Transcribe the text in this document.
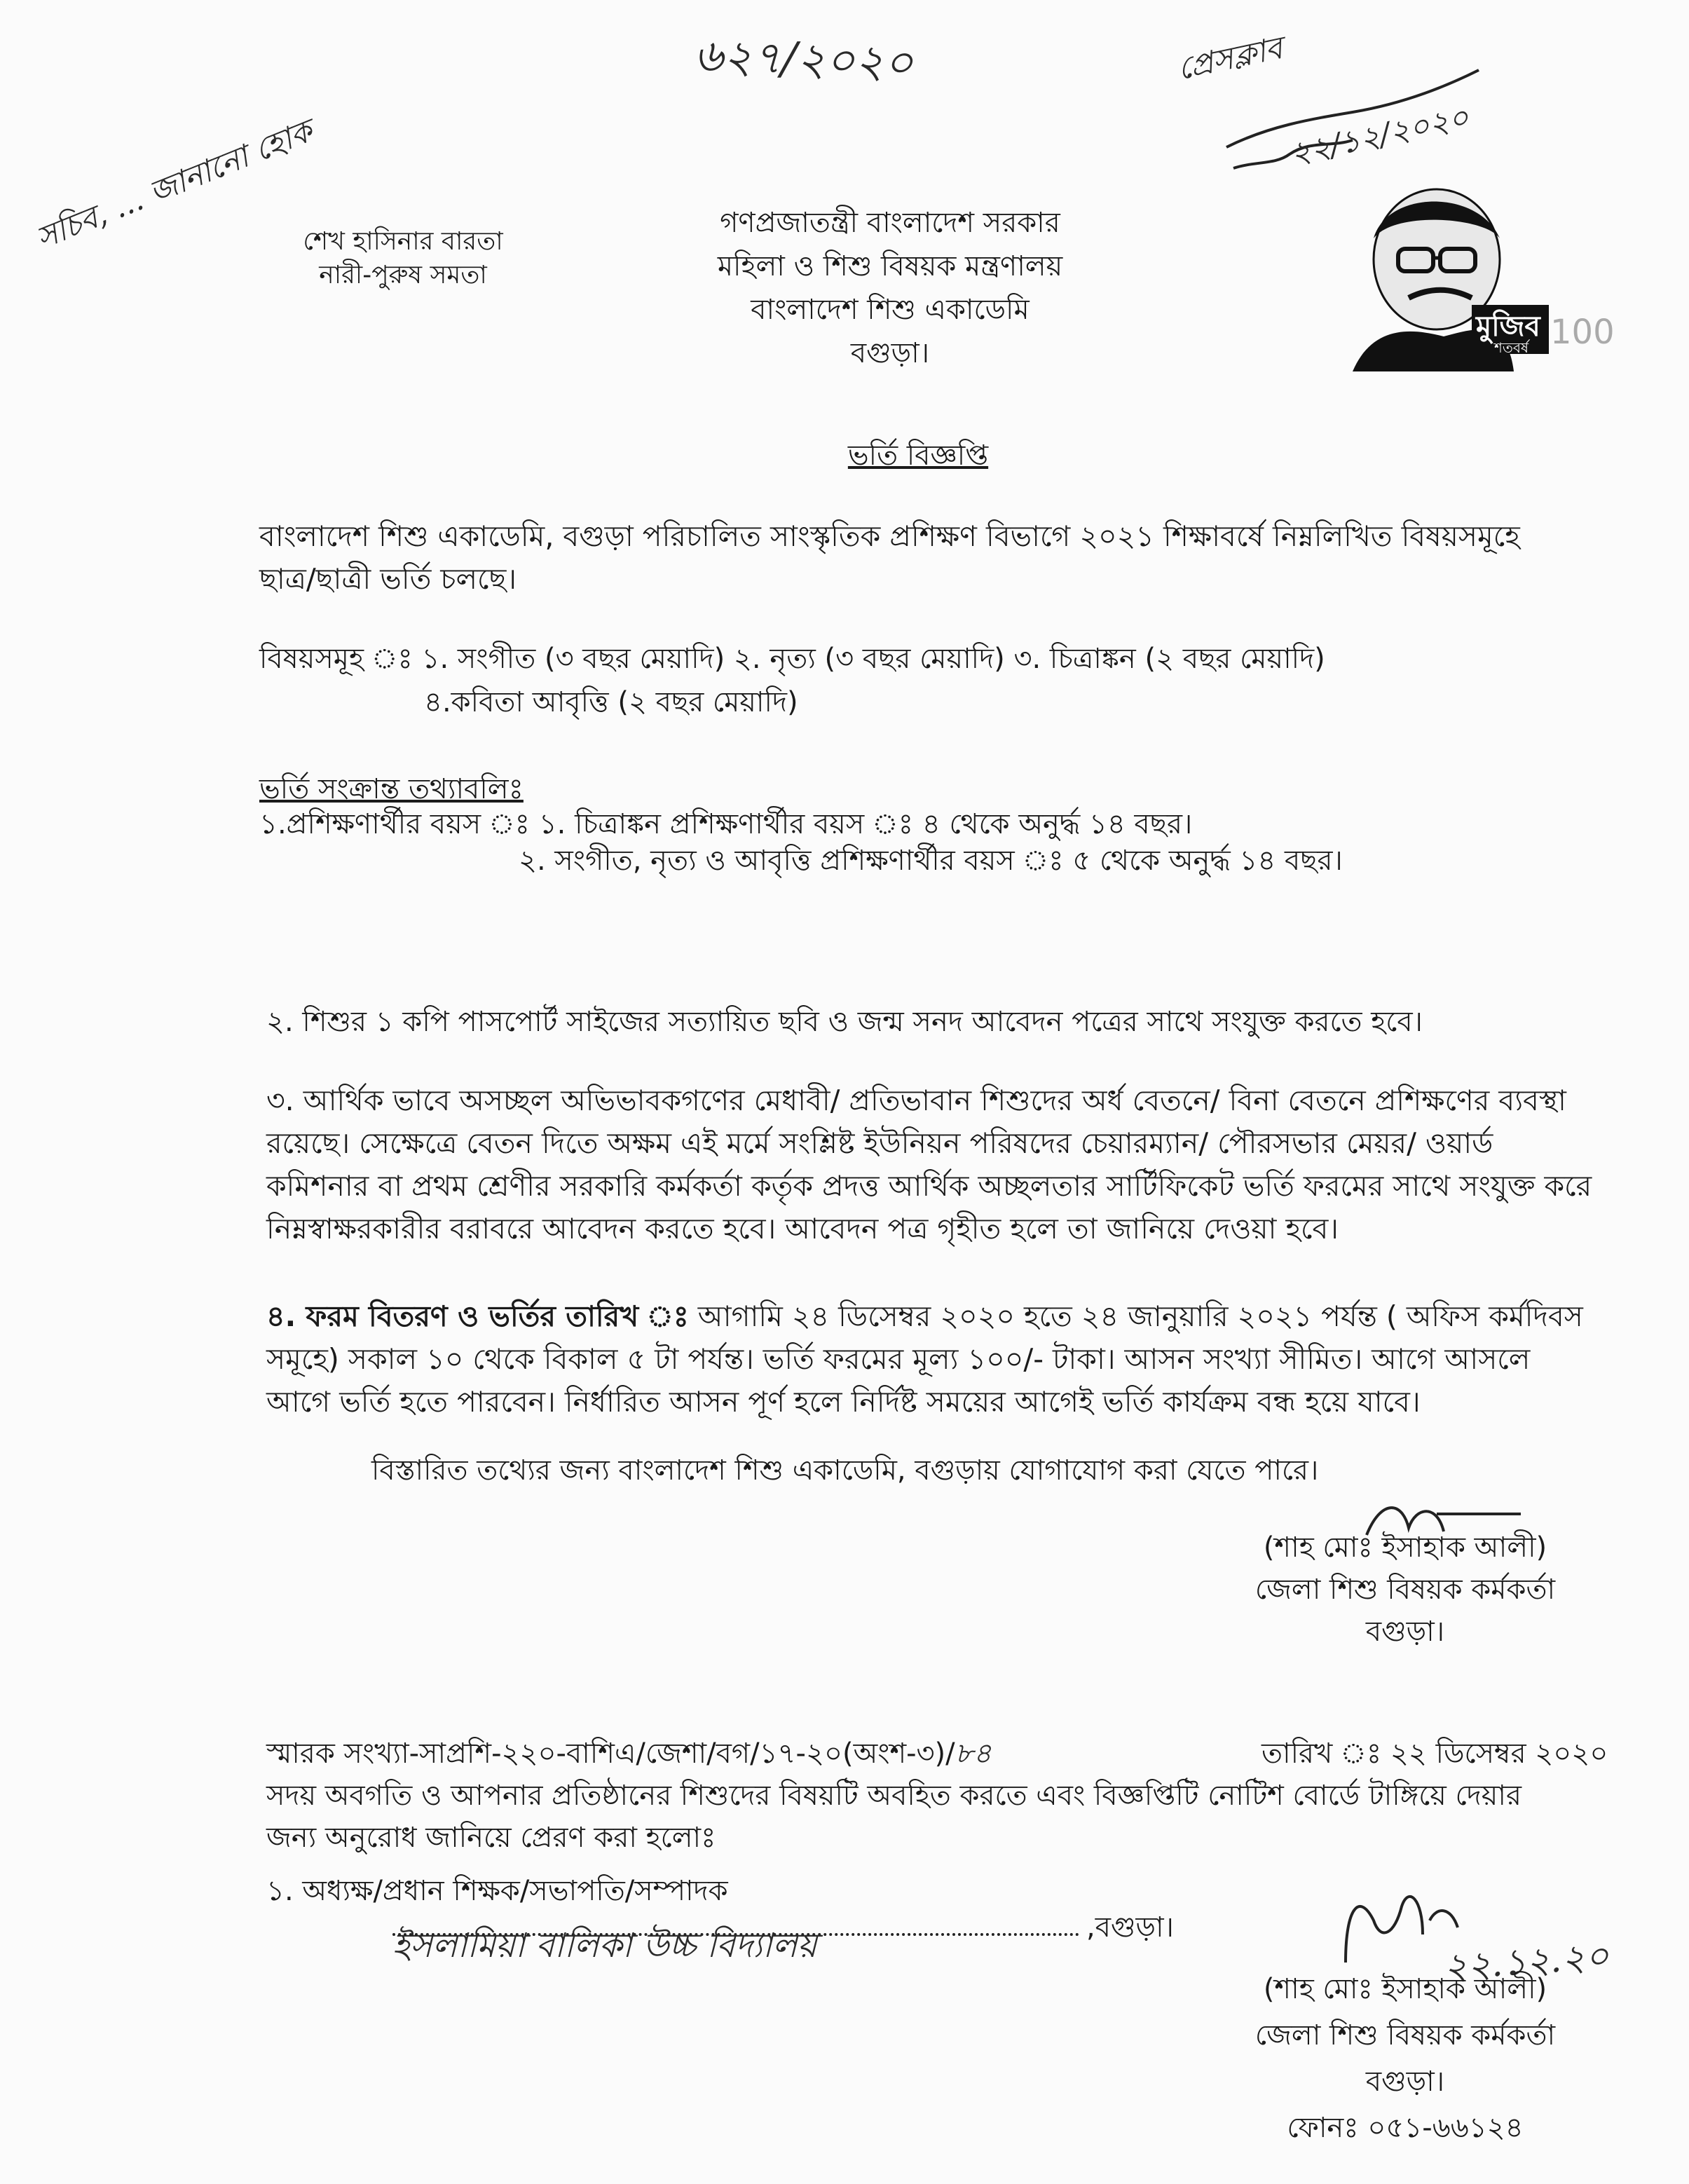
৬২৭/২০২০	প্রেসক্লাব
২২/১২/২০২০
সচিব, ... জানানো হোক
শেখ হাসিনার বারতা
নারী-পুরুষ সমতা
গণপ্রজাতন্ত্রী বাংলাদেশ সরকার
মহিলা ও শিশু বিষয়ক মন্ত্রণালয়
বাংলাদেশ শিশু একাডেমি
বগুড়া।
মুজিব
শতবর্ষ 100
ভর্তি বিজ্ঞপ্তি
বাংলাদেশ শিশু একাডেমি, বগুড়া পরিচালিত সাংস্কৃতিক প্রশিক্ষণ বিভাগে ২০২১ শিক্ষাবর্ষে নিম্নলিখিত বিষয়সমূহে
ছাত্র/ছাত্রী ভর্তি চলছে।
বিষয়সমূহ ঃ ১. সংগীত (৩ বছর মেয়াদি) ২. নৃত্য (৩ বছর মেয়াদি) ৩. চিত্রাঙ্কন (২ বছর মেয়াদি)
৪.কবিতা আবৃত্তি (২ বছর মেয়াদি)
ভর্তি সংক্রান্ত তথ্যাবলিঃ
১.প্রশিক্ষণার্থীর বয়স ঃ ১. চিত্রাঙ্কন প্রশিক্ষণার্থীর বয়স ঃ ৪ থেকে অনুর্দ্ধ ১৪ বছর।
২. সংগীত, নৃত্য ও আবৃত্তি প্রশিক্ষণার্থীর বয়স ঃ ৫ থেকে অনুর্দ্ধ ১৪ বছর।
২. শিশুর ১ কপি পাসপোর্ট সাইজের সত্যায়িত ছবি ও জন্ম সনদ আবেদন পত্রের সাথে সংযুক্ত করতে হবে।
৩. আর্থিক ভাবে অসচ্ছল অভিভাবকগণের মেধাবী/ প্রতিভাবান শিশুদের অর্ধ বেতনে/ বিনা বেতনে প্রশিক্ষণের ব্যবস্থা
রয়েছে। সেক্ষেত্রে বেতন দিতে অক্ষম এই মর্মে সংশ্লিষ্ট ইউনিয়ন পরিষদের চেয়ারম্যান/ পৌরসভার মেয়র/ ওয়ার্ড
কমিশনার বা প্রথম শ্রেণীর সরকারি কর্মকর্তা কর্তৃক প্রদত্ত আর্থিক অচ্ছলতার সার্টিফিকেট ভর্তি ফরমের সাথে সংযুক্ত করে
নিম্নস্বাক্ষরকারীর বরাবরে আবেদন করতে হবে। আবেদন পত্র গৃহীত হলে তা জানিয়ে দেওয়া হবে।
৪. ফরম বিতরণ ও ভর্তির তারিখ ঃ আগামি ২৪ ডিসেম্বর ২০২০ হতে ২৪ জানুয়ারি ২০২১ পর্যন্ত ( অফিস কর্মদিবস
সমূহে) সকাল ১০ থেকে বিকাল ৫ টা পর্যন্ত। ভর্তি ফরমের মূল্য ১০০/- টাকা। আসন সংখ্যা সীমিত। আগে আসলে
আগে ভর্তি হতে পারবেন। নির্ধারিত আসন পূর্ণ হলে নির্দিষ্ট সময়ের আগেই ভর্তি কার্যক্রম বন্ধ হয়ে যাবে।
বিস্তারিত তথ্যের জন্য বাংলাদেশ শিশু একাডেমি, বগুড়ায় যোগাযোগ করা যেতে পারে।
(শাহ মোঃ ইসাহাক আলী)
জেলা শিশু বিষয়ক কর্মকর্তা
বগুড়া।
স্মারক সংখ্যা-সাপ্রশি-২২০-বাশিএ/জেশা/বগ/১৭-২০(অংশ-৩)/৮৪	তারিখ ঃ ২২ ডিসেম্বর ২০২০
সদয় অবগতি ও আপনার প্রতিষ্ঠানের শিশুদের বিষয়টি অবহিত করতে এবং বিজ্ঞপ্তিটি নোটিশ বোর্ডে টাঙ্গিয়ে দেয়ার
জন্য অনুরোধ জানিয়ে প্রেরণ করা হলোঃ
১. অধ্যক্ষ/প্রধান শিক্ষক/সভাপতি/সম্পাদক
,বগুড়া।
ইসলামিয়া বালিকা উচ্চ বিদ্যালয়	২২.১২.২০
(শাহ মোঃ ইসাহাক আলী)
জেলা শিশু বিষয়ক কর্মকর্তা
বগুড়া।
ফোনঃ ০৫১-৬৬১২৪
